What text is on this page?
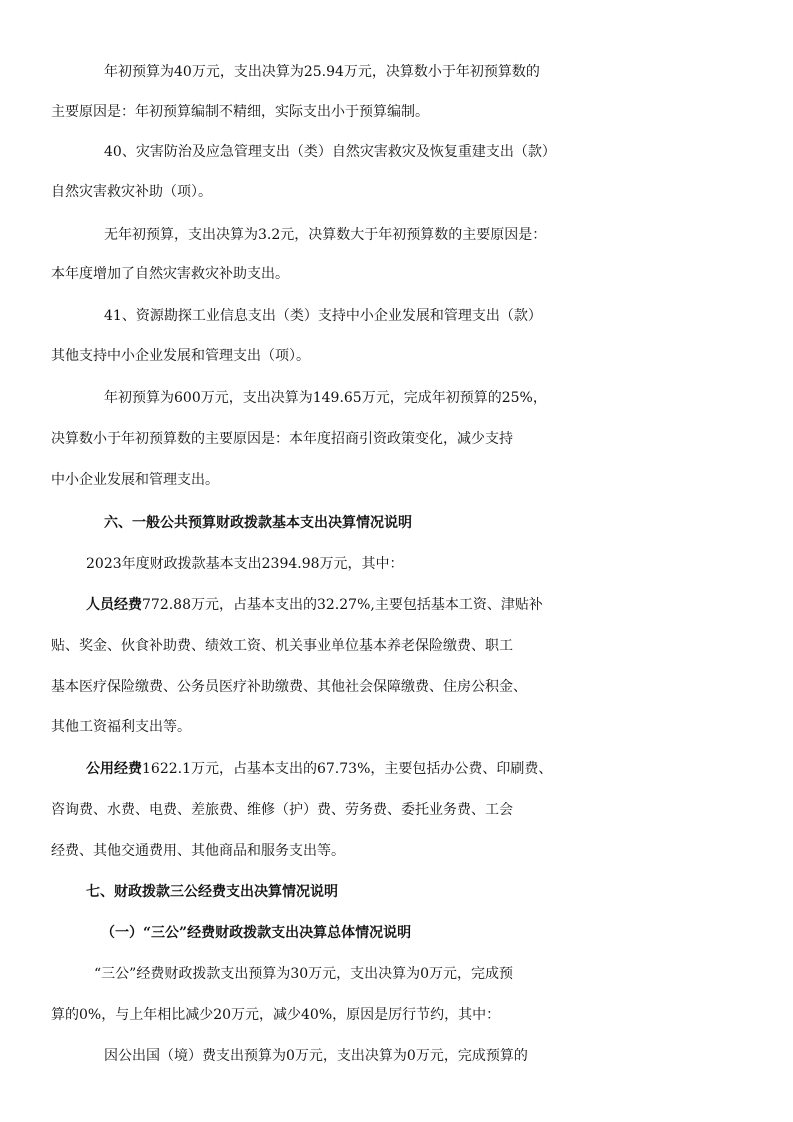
年初预算为40万元，支出决算为25.94万元，决算数小于年初预算数的
主要原因是：年初预算编制不精细，实际支出小于预算编制。
40、灾害防治及应急管理支出（类）自然灾害救灾及恢复重建支出（款）
自然灾害救灾补助（项）。
无年初预算，支出决算为3.2元，决算数大于年初预算数的主要原因是：
本年度增加了自然灾害救灾补助支出。
41、资源勘探工业信息支出（类）支持中小企业发展和管理支出（款）
其他支持中小企业发展和管理支出（项）。
年初预算为600万元，支出决算为149.65万元，完成年初预算的25%，
决算数小于年初预算数的主要原因是：本年度招商引资政策变化，减少支持
中小企业发展和管理支出。
六、一般公共预算财政拨款基本支出决算情况说明
2023年度财政拨款基本支出2394.98万元，其中：
人员经费772.88万元，占基本支出的32.27%,主要包括基本工资、津贴补
贴、奖金、伙食补助费、绩效工资、机关事业单位基本养老保险缴费、职工
基本医疗保险缴费、公务员医疗补助缴费、其他社会保障缴费、住房公积金、
其他工资福利支出等。
公用经费1622.1万元，占基本支出的67.73%，主要包括办公费、印刷费、
咨询费、水费、电费、差旅费、维修（护）费、劳务费、委托业务费、工会
经费、其他交通费用、其他商品和服务支出等。
七、财政拨款三公经费支出决算情况说明
（一）“三公”经费财政拨款支出决算总体情况说明
“三公”经费财政拨款支出预算为30万元，支出决算为0万元，完成预
算的0%，与上年相比减少20万元，减少40%，原因是厉行节约，其中：
因公出国（境）费支出预算为0万元，支出决算为0万元，完成预算的
